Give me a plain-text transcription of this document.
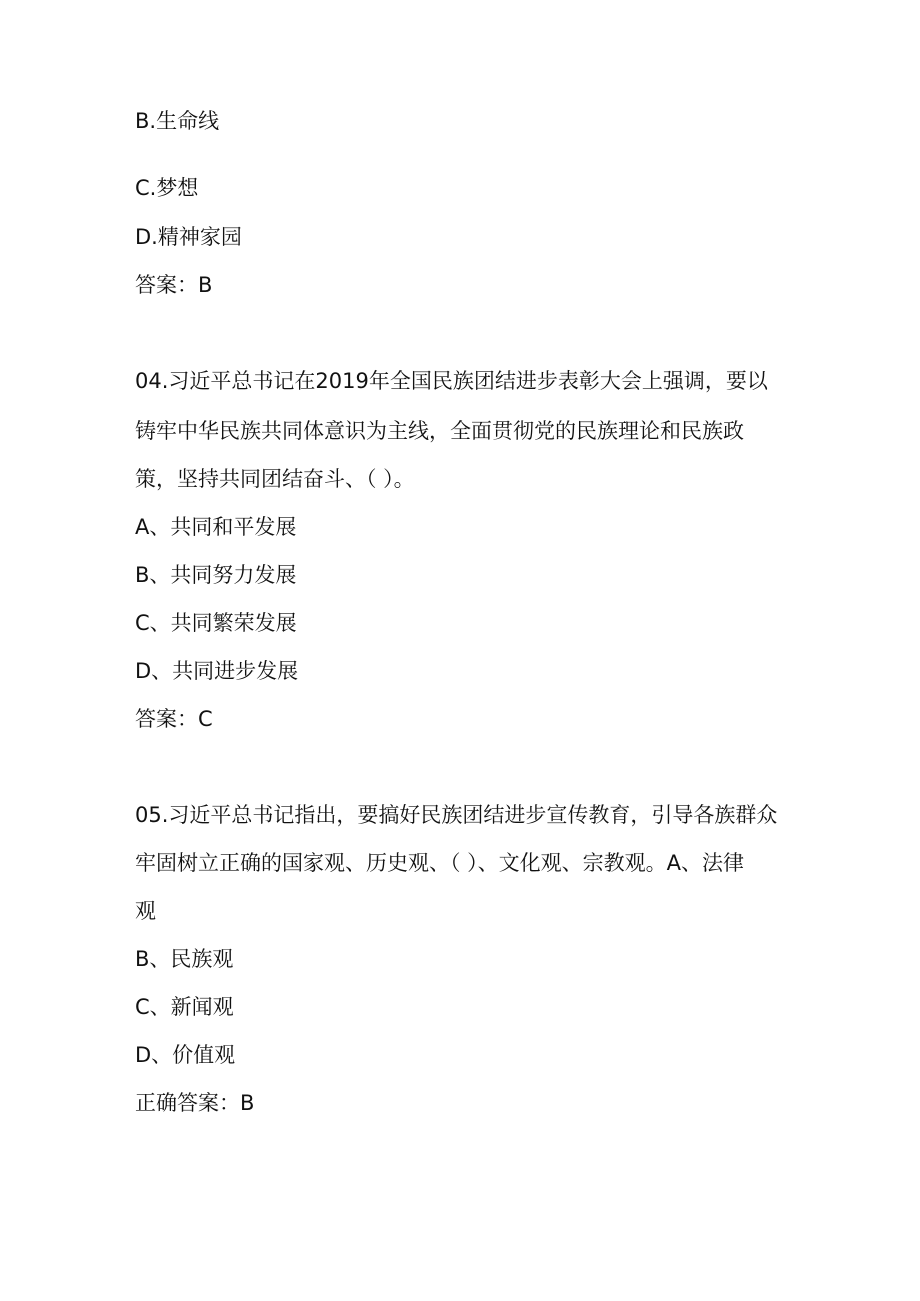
B.生命线
C.梦想
D.精神家园
答案：B
04.习近平总书记在2019年全国民族团结进步表彰大会上强调，要以
铸牢中华民族共同体意识为主线，全面贯彻党的民族理论和民族政
策，坚持共同团结奋斗、（ ）。
A、共同和平发展
B、共同努力发展
C、共同繁荣发展
D、共同进步发展
答案：C
05.习近平总书记指出，要搞好民族团结进步宣传教育，引导各族群众
牢固树立正确的国家观、历史观、（ ）、文化观、宗教观。A、法律
观
B、民族观
C、新闻观
D、价值观
正确答案：B
